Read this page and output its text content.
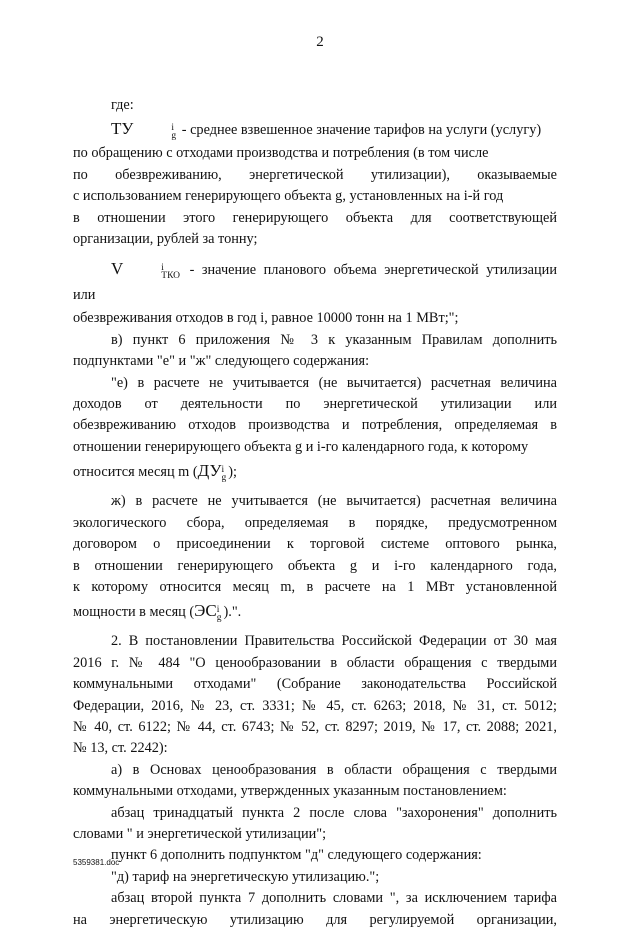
2

где:

ТУ	i
g - среднее взвешенное значение тарифов на услуги (услугу)

по обращению с отходами производства и потребления (в том числе

по обезвреживанию, энергетической утилизации), оказываемые

с использованием генерирующего объекта g, установленных на i-й год

в отношении этого генерирующего объекта для соответствующей

организации, рублей за тонну;

V	i
ТКО - значение планового объема энергетической утилизации или

обезвреживания отходов в год i, равное 10000 тонн на 1 МВт;";

в) пункт 6 приложения № 3 к указанным Правилам дополнить

подпунктами "е" и "ж" следующего содержания:

"е) в расчете не учитывается (не вычитается) расчетная величина

доходов от деятельности по энергетической утилизации или

обезвреживанию отходов производства и потребления, определяемая в

отношении генерирующего объекта g и i-го календарного года, к которому

относится месяц m (ДУ i
g );

ж) в расчете не учитывается (не вычитается) расчетная величина

экологического сбора, определяемая в порядке, предусмотренном

договором о присоединении к торговой системе оптового рынка,

в отношении генерирующего объекта g и i-го календарного года,

к которому относится месяц m, в расчете на 1 МВт установленной

мощности в месяц (ЭС i
g ).".

2. В постановлении Правительства Российской Федерации от 30 мая

2016 г. № 484 "О ценообразовании в области обращения с твердыми

коммунальными отходами" (Собрание законодательства Российской

Федерации, 2016, № 23, ст. 3331; № 45, ст. 6263; 2018, № 31, ст. 5012;

№ 40, ст. 6122; № 44, ст. 6743; № 52, ст. 8297; 2019, № 17, ст. 2088; 2021,

№ 13, ст. 2242):

а) в Основах ценообразования в области обращения с твердыми

коммунальными отходами, утвержденных указанным постановлением:

абзац тринадцатый пункта 2 после слова "захоронения" дополнить

словами " и энергетической утилизации";

пункт 6 дополнить подпунктом "д" следующего содержания:

"д) тариф на энергетическую утилизацию.";

абзац второй пункта 7 дополнить словами ", за исключением тарифа

на энергетическую утилизацию для регулируемой организации,

5359381.doc
